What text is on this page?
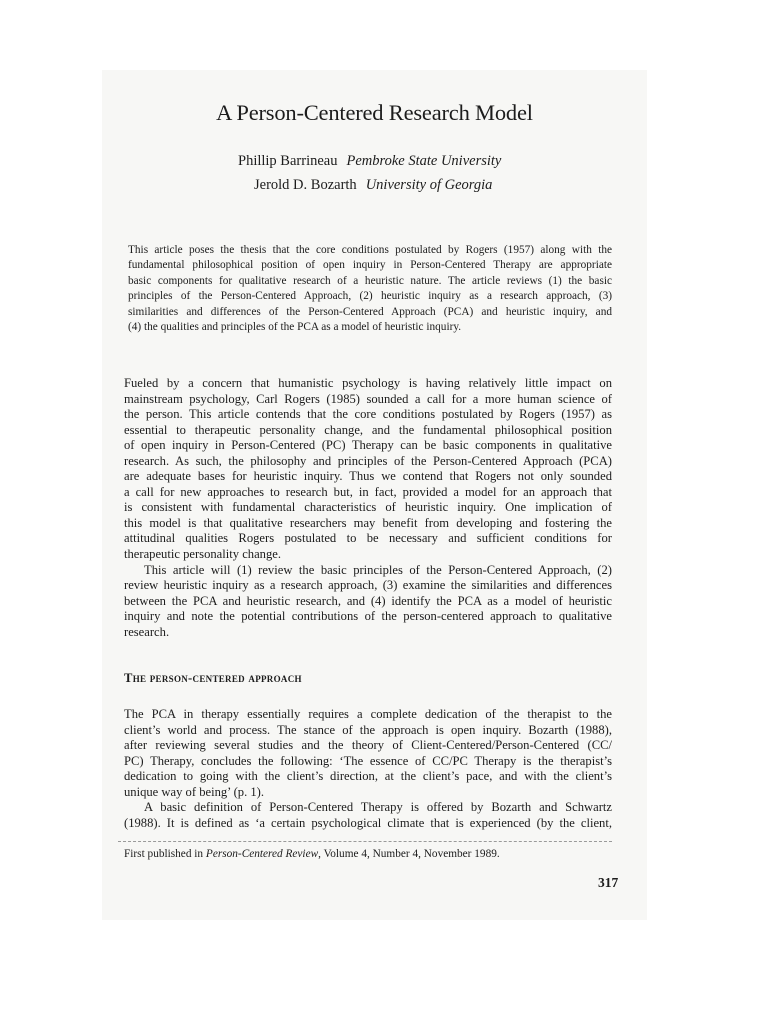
A Person-Centered Research Model
Phillip Barrineau Pembroke State University
Jerold D. Bozarth University of Georgia
This article poses the thesis that the core conditions postulated by Rogers (1957) along with the
fundamental philosophical position of open inquiry in Person-Centered Therapy are appropriate
basic components for qualitative research of a heuristic nature. The article reviews (1) the basic
principles of the Person-Centered Approach, (2) heuristic inquiry as a research approach, (3)
similarities and differences of the Person-Centered Approach (PCA) and heuristic inquiry, and
(4) the qualities and principles of the PCA as a model of heuristic inquiry.
Fueled by a concern that humanistic psychology is having relatively little impact on
mainstream psychology, Carl Rogers (1985) sounded a call for a more human science of
the person. This article contends that the core conditions postulated by Rogers (1957) as
essential to therapeutic personality change, and the fundamental philosophical position
of open inquiry in Person-Centered (PC) Therapy can be basic components in qualitative
research. As such, the philosophy and principles of the Person-Centered Approach (PCA)
are adequate bases for heuristic inquiry. Thus we contend that Rogers not only sounded
a call for new approaches to research but, in fact, provided a model for an approach that
is consistent with fundamental characteristics of heuristic inquiry. One implication of
this model is that qualitative researchers may benefit from developing and fostering the
attitudinal qualities Rogers postulated to be necessary and sufficient conditions for
therapeutic personality change.
This article will (1) review the basic principles of the Person-Centered Approach, (2)
review heuristic inquiry as a research approach, (3) examine the similarities and differences
between the PCA and heuristic research, and (4) identify the PCA as a model of heuristic
inquiry and note the potential contributions of the person-centered approach to qualitative
research.
The person-centered approach
The PCA in therapy essentially requires a complete dedication of the therapist to the
client’s world and process. The stance of the approach is open inquiry. Bozarth (1988),
after reviewing several studies and the theory of Client-Centered/Person-Centered (CC/
PC) Therapy, concludes the following: ‘The essence of CC/PC Therapy is the therapist’s
dedication to going with the client’s direction, at the client’s pace, and with the client’s
unique way of being’ (p. 1).
A basic definition of Person-Centered Therapy is offered by Bozarth and Schwartz
(1988). It is defined as ‘a certain psychological climate that is experienced (by the client,
First published in Person-Centered Review, Volume 4, Number 4, November 1989.
317
